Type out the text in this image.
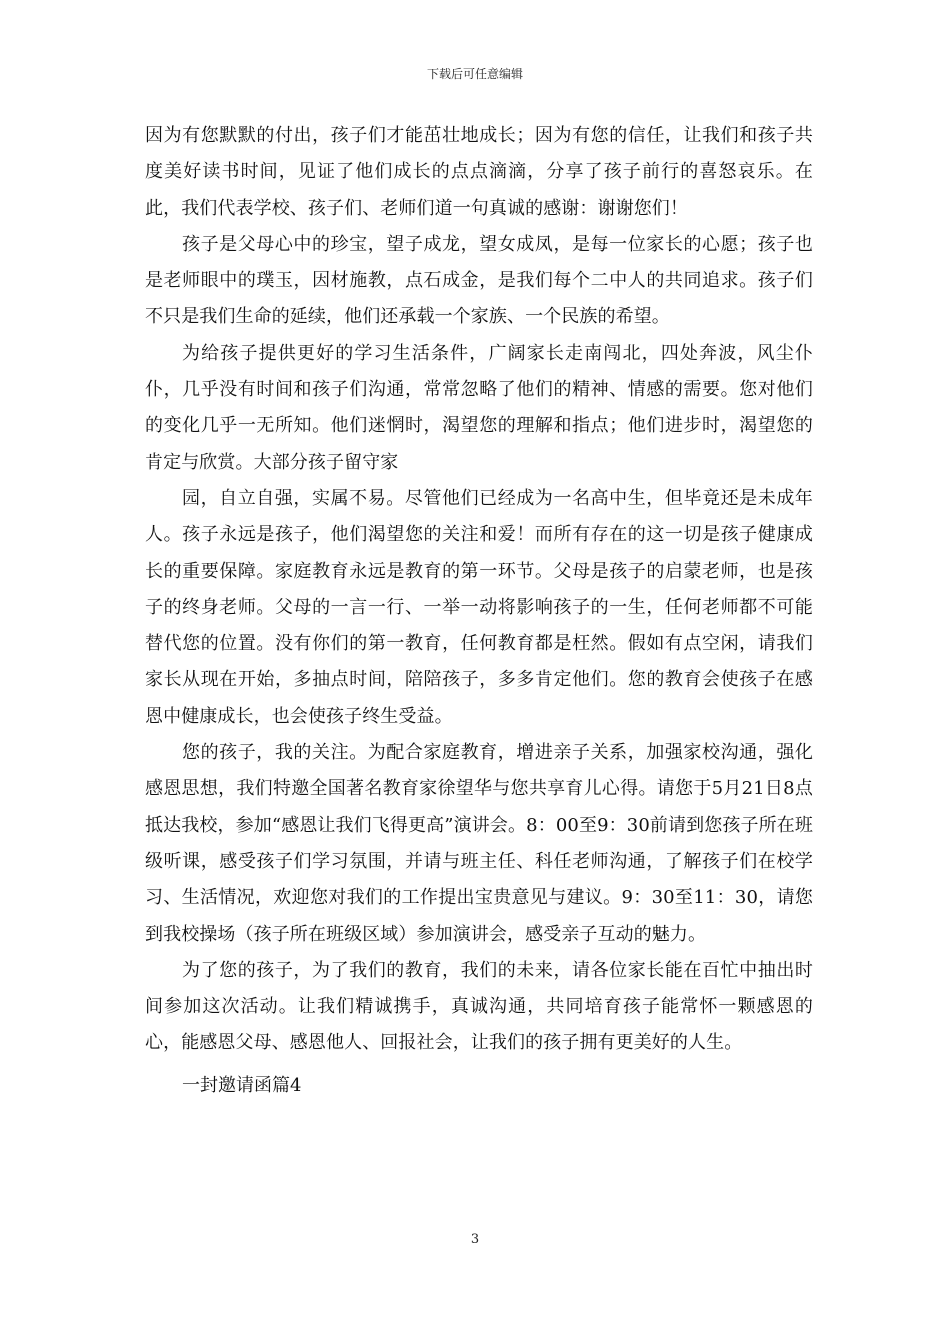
下载后可任意编辑

因为有您默默的付出，孩子们才能茁壮地成长；因为有您的信任，让我们和孩子共度美好读书时间，见证了他们成长的点点滴滴，分享了孩子前行的喜怒哀乐。在此，我们代表学校、孩子们、老师们道一句真诚的感谢：谢谢您们！

孩子是父母心中的珍宝，望子成龙，望女成凤，是每一位家长的心愿；孩子也是老师眼中的璞玉，因材施教，点石成金，是我们每个二中人的共同追求。孩子们不只是我们生命的延续，他们还承载一个家族、一个民族的希望。

为给孩子提供更好的学习生活条件，广阔家长走南闯北，四处奔波，风尘仆仆，几乎没有时间和孩子们沟通，常常忽略了他们的精神、情感的需要。您对他们的变化几乎一无所知。他们迷惘时，渴望您的理解和指点；他们进步时，渴望您的肯定与欣赏。大部分孩子留守家

园，自立自强，实属不易。尽管他们已经成为一名高中生，但毕竟还是未成年人。孩子永远是孩子，他们渴望您的关注和爱！而所有存在的这一切是孩子健康成长的重要保障。家庭教育永远是教育的第一环节。父母是孩子的启蒙老师，也是孩子的终身老师。父母的一言一行、一举一动将影响孩子的一生，任何老师都不可能替代您的位置。没有你们的第一教育，任何教育都是枉然。假如有点空闲，请我们家长从现在开始，多抽点时间，陪陪孩子，多多肯定他们。您的教育会使孩子在感恩中健康成长，也会使孩子终生受益。

您的孩子，我的关注。为配合家庭教育，增进亲子关系，加强家校沟通，强化感恩思想，我们特邀全国著名教育家徐望华与您共享育儿心得。请您于5月21日8点抵达我校，参加“感恩让我们飞得更高”演讲会。8：00至9：30前请到您孩子所在班级听课，感受孩子们学习氛围，并请与班主任、科任老师沟通，了解孩子们在校学习、生活情况，欢迎您对我们的工作提出宝贵意见与建议。9：30至11：30，请您到我校操场（孩子所在班级区域）参加演讲会，感受亲子互动的魅力。

为了您的孩子，为了我们的教育，我们的未来，请各位家长能在百忙中抽出时间参加这次活动。让我们精诚携手，真诚沟通，共同培育孩子能常怀一颗感恩的心，能感恩父母、感恩他人、回报社会，让我们的孩子拥有更美好的人生。

一封邀请函篇4

3
